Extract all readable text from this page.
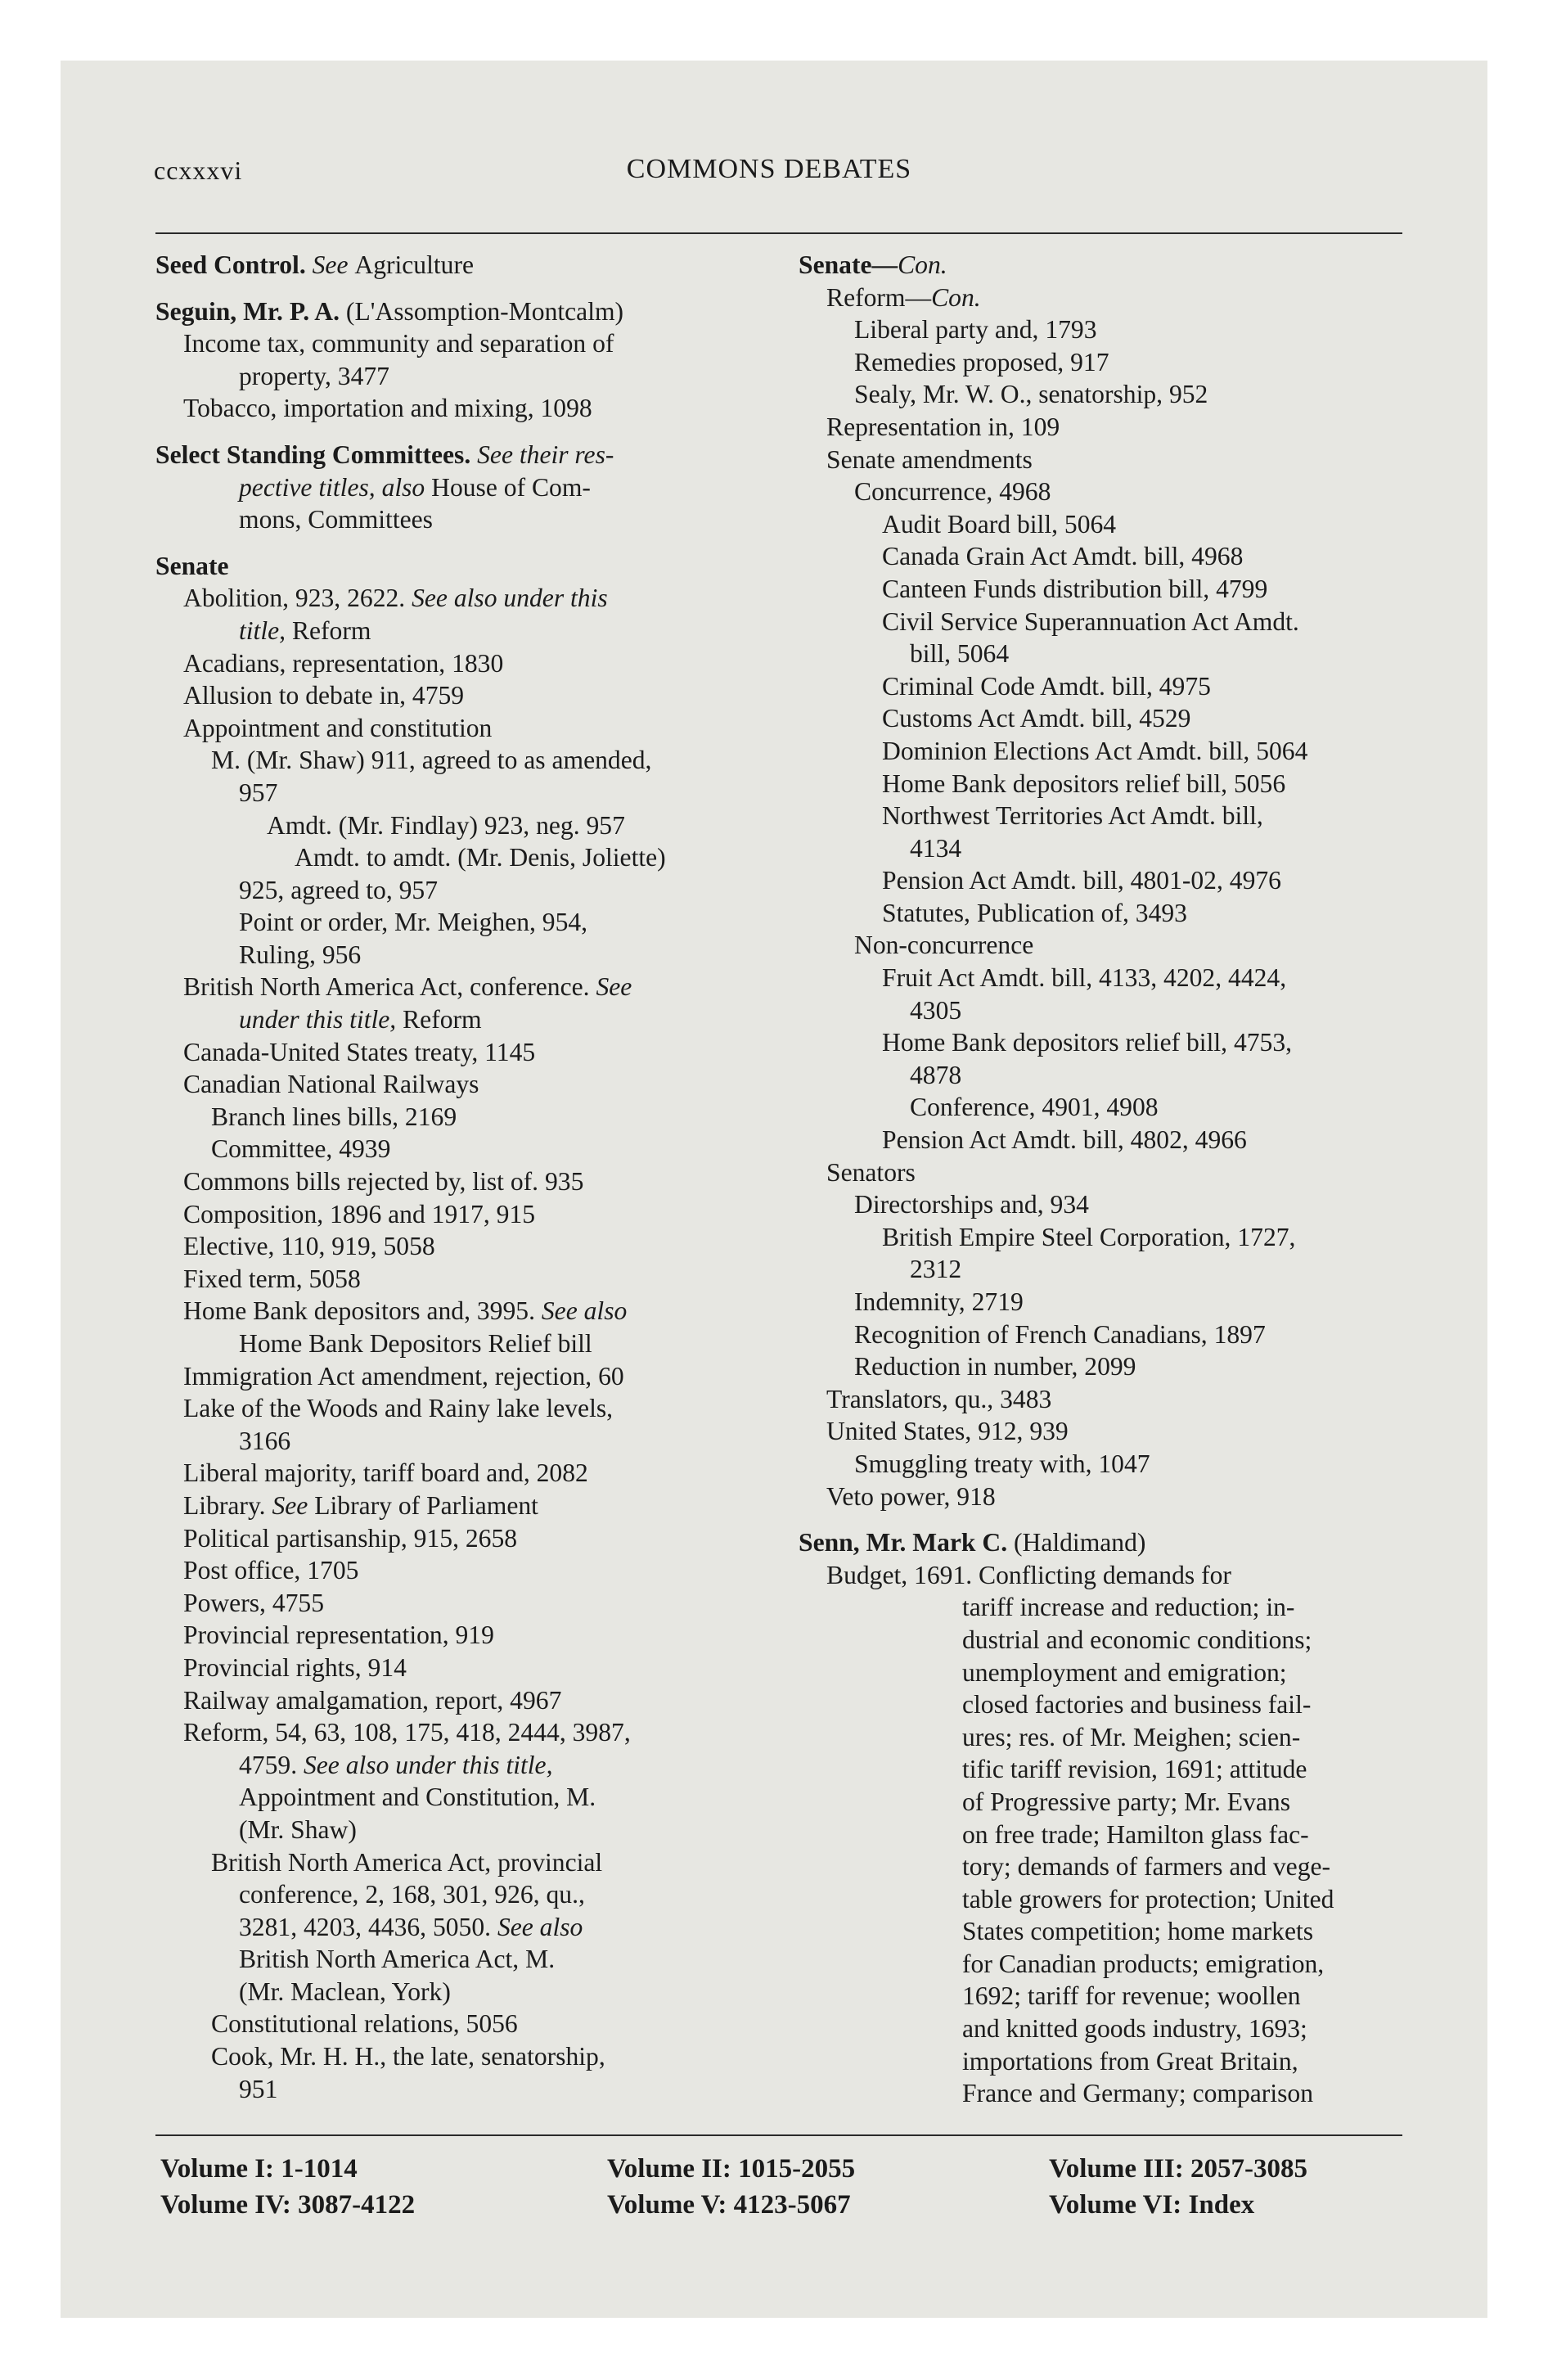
ccxxxvi	COMMONS DEBATES
Seed Control. See Agriculture
Seguin, Mr. P. A. (L'Assomption-Montcalm)
Income tax, community and separation of
property, 3477
Tobacco, importation and mixing, 1098
Select Standing Committees. See their res-
pective titles, also House of Com-
mons, Committees
Senate
Abolition, 923, 2622. See also under this
title, Reform
Acadians, representation, 1830
Allusion to debate in, 4759
Appointment and constitution
M. (Mr. Shaw) 911, agreed to as amended,
957
Amdt. (Mr. Findlay) 923, neg. 957
Amdt. to amdt. (Mr. Denis, Joliette)
925, agreed to, 957
Point or order, Mr. Meighen, 954,
Ruling, 956
British North America Act, conference. See
under this title, Reform
Canada-United States treaty, 1145
Canadian National Railways
Branch lines bills, 2169
Committee, 4939
Commons bills rejected by, list of. 935
Composition, 1896 and 1917, 915
Elective, 110, 919, 5058
Fixed term, 5058
Home Bank depositors and, 3995. See also
Home Bank Depositors Relief bill
Immigration Act amendment, rejection, 60
Lake of the Woods and Rainy lake levels,
3166
Liberal majority, tariff board and, 2082
Library. See Library of Parliament
Political partisanship, 915, 2658
Post office, 1705
Powers, 4755
Provincial representation, 919
Provincial rights, 914
Railway amalgamation, report, 4967
Reform, 54, 63, 108, 175, 418, 2444, 3987,
4759. See also under this title,
Appointment and Constitution, M.
(Mr. Shaw)
British North America Act, provincial
conference, 2, 168, 301, 926, qu.,
3281, 4203, 4436, 5050. See also
British North America Act, M.
(Mr. Maclean, York)
Constitutional relations, 5056
Cook, Mr. H. H., the late, senatorship,
951
Senate—Con.
Reform—Con.
Liberal party and, 1793
Remedies proposed, 917
Sealy, Mr. W. O., senatorship, 952
Representation in, 109
Senate amendments
Concurrence, 4968
Audit Board bill, 5064
Canada Grain Act Amdt. bill, 4968
Canteen Funds distribution bill, 4799
Civil Service Superannuation Act Amdt.
bill, 5064
Criminal Code Amdt. bill, 4975
Customs Act Amdt. bill, 4529
Dominion Elections Act Amdt. bill, 5064
Home Bank depositors relief bill, 5056
Northwest Territories Act Amdt. bill,
4134
Pension Act Amdt. bill, 4801-02, 4976
Statutes, Publication of, 3493
Non-concurrence
Fruit Act Amdt. bill, 4133, 4202, 4424,
4305
Home Bank depositors relief bill, 4753,
4878
Conference, 4901, 4908
Pension Act Amdt. bill, 4802, 4966
Senators
Directorships and, 934
British Empire Steel Corporation, 1727,
2312
Indemnity, 2719
Recognition of French Canadians, 1897
Reduction in number, 2099
Translators, qu., 3483
United States, 912, 939
Smuggling treaty with, 1047
Veto power, 918
Senn, Mr. Mark C. (Haldimand)
Budget, 1691. Conflicting demands for
tariff increase and reduction; in-
dustrial and economic conditions;
unemployment and emigration;
closed factories and business fail-
ures; res. of Mr. Meighen; scien-
tific tariff revision, 1691; attitude
of Progressive party; Mr. Evans
on free trade; Hamilton glass fac-
tory; demands of farmers and vege-
table growers for protection; United
States competition; home markets
for Canadian products; emigration,
1692; tariff for revenue; woollen
and knitted goods industry, 1693;
importations from Great Britain,
France and Germany; comparison
Volume I: 1-1014
Volume IV: 3087-4122
Volume II: 1015-2055
Volume V: 4123-5067
Volume III: 2057-3085
Volume VI: Index
